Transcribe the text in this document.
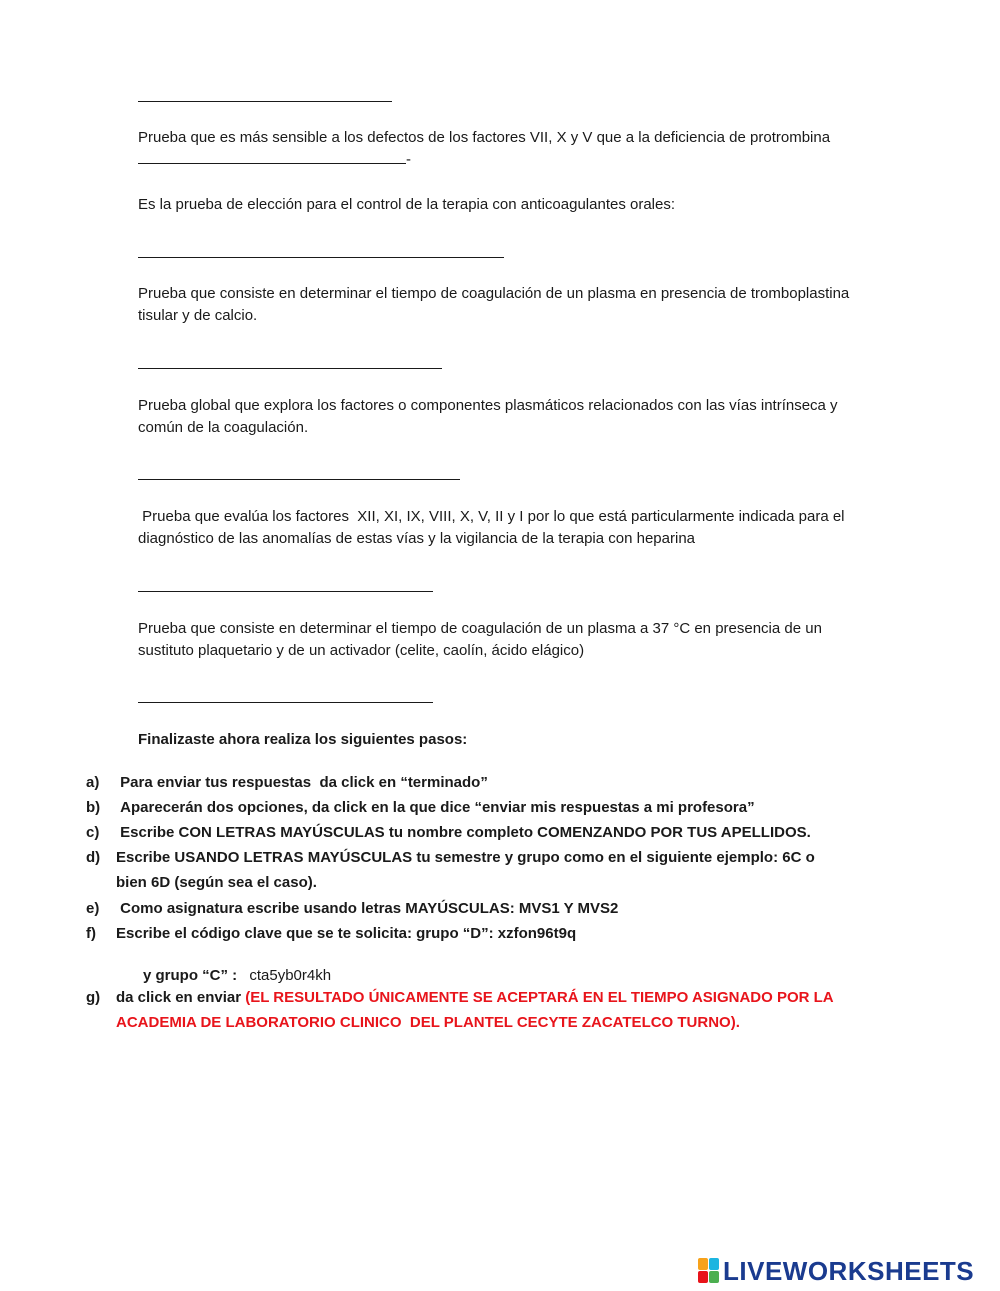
Prueba que es más sensible a los defectos de los factores VII, X y V que a la deficiencia de protrombina -

Es la prueba de elección para el control de la terapia con anticoagulantes orales:

Prueba que consiste en determinar el tiempo de coagulación de un plasma en presencia de tromboplastina tisular y de calcio.

Prueba global que explora los factores o componentes plasmáticos relacionados con las vías intrínseca y común de la coagulación.

Prueba que evalúa los factores  XII, XI, IX, VIII, X, V, II y I por lo que está particularmente indicada para el diagnóstico de las anomalías de estas vías y la vigilancia de la terapia con heparina

Prueba que consiste en determinar el tiempo de coagulación de un plasma a 37 °C en presencia de un sustituto plaquetario y de un activador (celite, caolín, ácido elágico)

Finalizaste ahora realiza los siguientes pasos:

a)	Para enviar tus respuestas  da click en “terminado”
b)	Aparecerán dos opciones, da click en la que dice “enviar mis respuestas a mi profesora”
c)	Escribe CON LETRAS MAYÚSCULAS tu nombre completo COMENZANDO POR TUS APELLIDOS.
d)	Escribe USANDO LETRAS MAYÚSCULAS tu semestre y grupo como en el siguiente ejemplo: 6C o bien 6D (según sea el caso).
e)	Como asignatura escribe usando letras MAYÚSCULAS: MVS1 Y MVS2
f)	Escribe el código clave que se te solicita: grupo “D”: xzfon96t9q
y grupo “C” : cta5yb0r4kh
g)	da click en enviar (EL RESULTADO ÚNICAMENTE SE ACEPTARÁ EN EL TIEMPO ASIGNADO POR LA ACADEMIA DE LABORATORIO CLINICO  DEL PLANTEL CECYTE ZACATELCO TURNO).
LIVEWORKSHEETS
